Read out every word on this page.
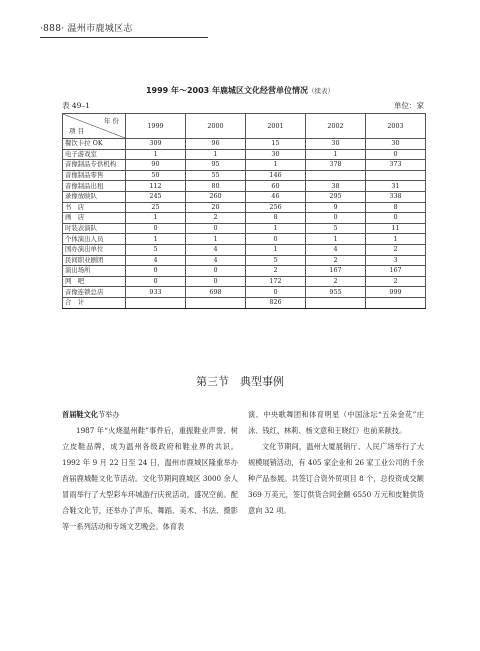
·888· 温州市鹿城区志
1999 年～2003 年鹿城区文化经营单位情况（续表）
表 49–1	单位：家
年 份
项 目	1999	2000	2001	2002	2003
餐饮卡拉 OK	309	96	15	30	30
电子游戏室	1	1	30	1	0
音像制品专供机构	90	95	1	378	373
音像制品零售	50	55	146		
音像制品出租	112	80	60	38	31
录像放映队	245	260	46	295	338
书　店	25	20	256	9	8
画　店	1	2	8	0	0
时装表演队	0	0	1	5	11
个体演出人员	1	1	0	1	1
国办演出单位	5	4	1	4	2
民间职业剧团	4	4	5	2	3
演出场所	0	0	2	167	167
网　吧	0	0	172	2	2
音像连锁总店	933	698	0	955	999
合　计			826		
第三节　典型事例

首届鞋文化节举办

1987 年“火烧温州鞋”事件后，重振鞋业声誉、树立皮鞋品牌，成为温州各级政府和鞋业界的共识。1992 年 9 月 22 日至 24 日，温州市鹿城区隆重举办首届鹿城鞋文化节活动。文化节期间鹿城区 3000 余人冒雨举行了大型彩车环城游行庆祝活动，盛况空前。配合鞋文化节，还举办了声乐、舞蹈、美术、书法、摄影等一系列活动和专场文艺晚会。体育表

演、中央歌舞团和体育明星（中国泳坛“五朵金花”庄泳、钱红、林莉、杨文意和王晓红）也前来献技。

文化节期间，温州大厦展销厅、人民广场举行了大规模展销活动，有 405 家企业和 26 家工业公司的千余种产品参展。共签订合资外贸项目 8 个，总投资成交额 369 万美元，签订供货合同金额 6550 万元和皮鞋供货意向 32 项。
